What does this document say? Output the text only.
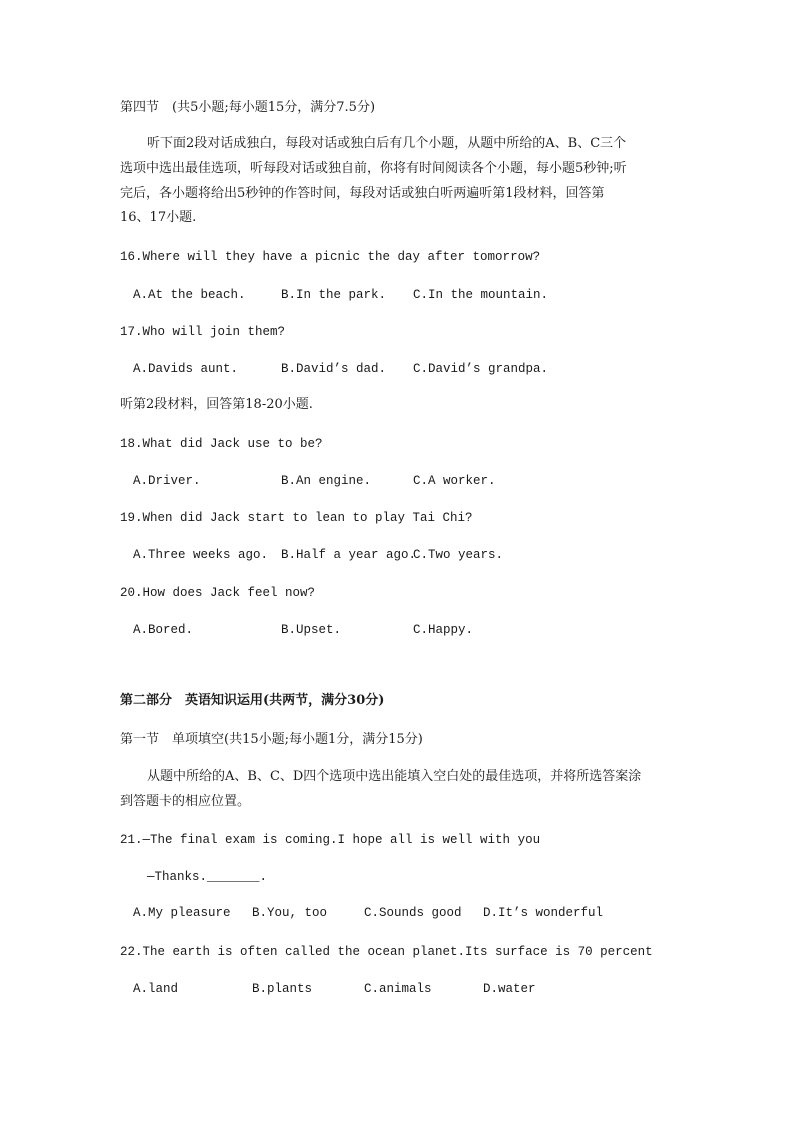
第四节　(共5小题;每小题15分，满分7.5分)

听下面2段对话成独白，每段对话或独白后有几个小题，从题中所给的A、B、C三个

选项中选出最佳选项，听每段对话或独自前，你将有时间阅读各个小题，每小题5秒钟;听

完后，各小题将给出5秒钟的作答时间，每段对话或独白听两遍听第1段材料，回答第

16、17小题.

16.Where will they have a picnic the day after tomorrow?

A.At the beach.	B.In the park. C.In the mountain.

17.Who will join them?

A.Davids aunt.	B.David’s dad. C.David’s grandpa.

听第2段材料，回答第18-20小题.

18.What did Jack use to be?

A.Driver.	B.An engine.	C.A worker.

19.When did Jack start to lean to play Tai Chi?

A.Three weeks ago. B.Half a year ago.
C.Two years.

20.How does Jack feel now?

A.Bored.	B.Upset.	C.Happy.

第二部分　英语知识运用(共两节，满分30分)

第一节　单项填空(共15小题;每小题1分，满分15分)

从题中所给的A、B、C、D四个选项中选出能填入空白处的最佳选项，并将所选答案涂

到答题卡的相应位置。

21.—The final exam is coming.I hope all is well with you

—Thanks._______.

A.My pleasure B.You, too	C.Sounds good D.It’s wonderful

22.The earth is often called the ocean planet.Its surface is 70 percent

A.land	B.plants	C.animals	D.water
